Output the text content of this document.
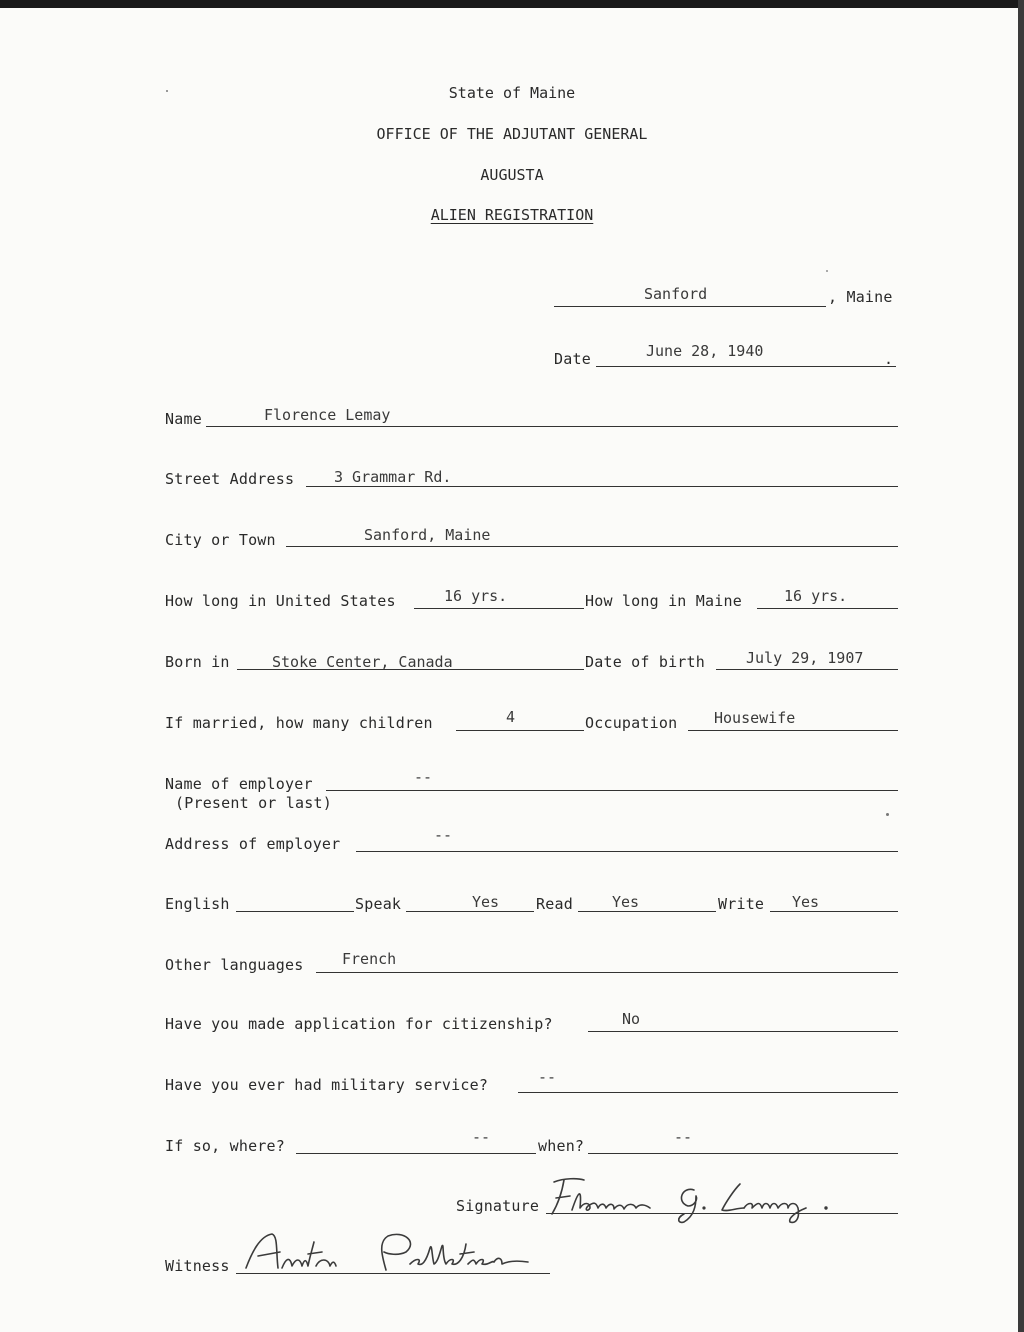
State of Maine
OFFICE OF THE ADJUTANT GENERAL
AUGUSTA
ALIEN REGISTRATION
Sanford	, Maine
Date	June 28, 1940	.
Name	Florence Lemay
Street Address	3 Grammar Rd.
City or Town	Sanford, Maine
How long in United States	16 yrs.	How long in Maine	16 yrs.
Born in	Stoke Center, Canada	Date of birth	July 29, 1907
If married, how many children	4	Occupation Housewife
Name of employer
(Present or last)
--
Address of employer	--
English	Speak	Yes Read	Yes	Write Yes
Other languages	French
Have you made application for citizenship?	No
Have you ever had military service?	--
If so, where?	--	when?	--
Signature
Witness
